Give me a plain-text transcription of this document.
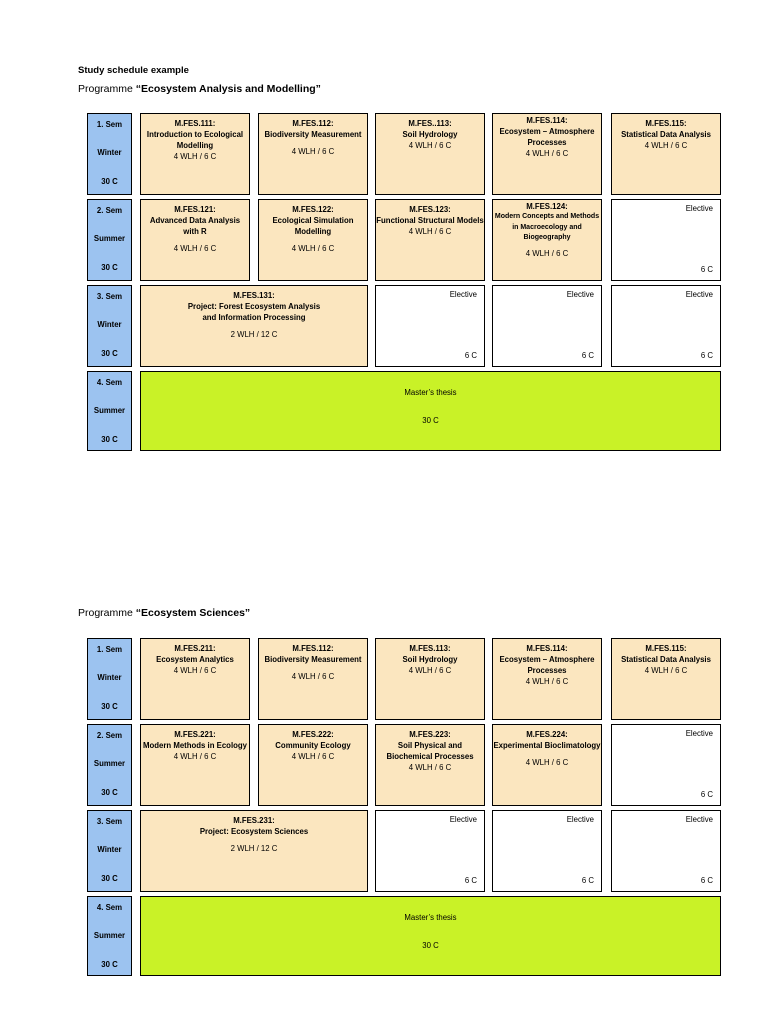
Study schedule example
Programme “Ecosystem Analysis and Modelling”
1. Sem
Winter
30 C
2. Sem
Summer
30 C
3. Sem
Winter
30 C
4. Sem
Summer
30 C
M.FES.111:
Introduction to Ecological Modelling
4 WLH / 6 C
M.FES.112:
Biodiversity Measurement
4 WLH / 6 C
M.FES..113:
Soil Hydrology
4 WLH / 6 C
M.FES.114:
Ecosystem – Atmosphere Processes
4 WLH / 6 C
M.FES.115:
Statistical Data Analysis
4 WLH / 6 C
M.FES.121:
Advanced Data Analysis with R
4 WLH / 6 C
M.FES.122:
Ecological Simulation Modelling
4 WLH / 6 C
M.FES.123:
Functional Structural Models
4 WLH / 6 C
M.FES.124:
Modern Concepts and Methods in Macroecology and Biogeography
4 WLH / 6 C
Elective
6 C
M.FES.131:
Project: Forest Ecosystem Analysis and Information Processing
2 WLH / 12 C
Elective
6 C
Elective
6 C
Elective
6 C
Master’s thesis
30 C
Programme “Ecosystem Sciences”
1. Sem
Winter
30 C
2. Sem
Summer
30 C
3. Sem
Winter
30 C
4. Sem
Summer
30 C
M.FES.211:
Ecosystem Analytics
4 WLH / 6 C
M.FES.112:
Biodiversity Measurement
4 WLH / 6 C
M.FES.113:
Soil Hydrology
4 WLH / 6 C
M.FES.114:
Ecosystem – Atmosphere Processes
4 WLH / 6 C
M.FES.115:
Statistical Data Analysis
4 WLH / 6 C
M.FES.221:
Modern Methods in Ecology
4 WLH / 6 C
M.FES.222:
Community Ecology
4 WLH / 6 C
M.FES.223:
Soil Physical and Biochemical Processes
4 WLH / 6 C
M.FES.224:
Experimental Bioclimatology
4 WLH / 6 C
Elective
6 C
M.FES.231:
Project: Ecosystem Sciences
2 WLH / 12 C
Elective
6 C
Elective
6 C
Elective
6 C
Master’s thesis
30 C
